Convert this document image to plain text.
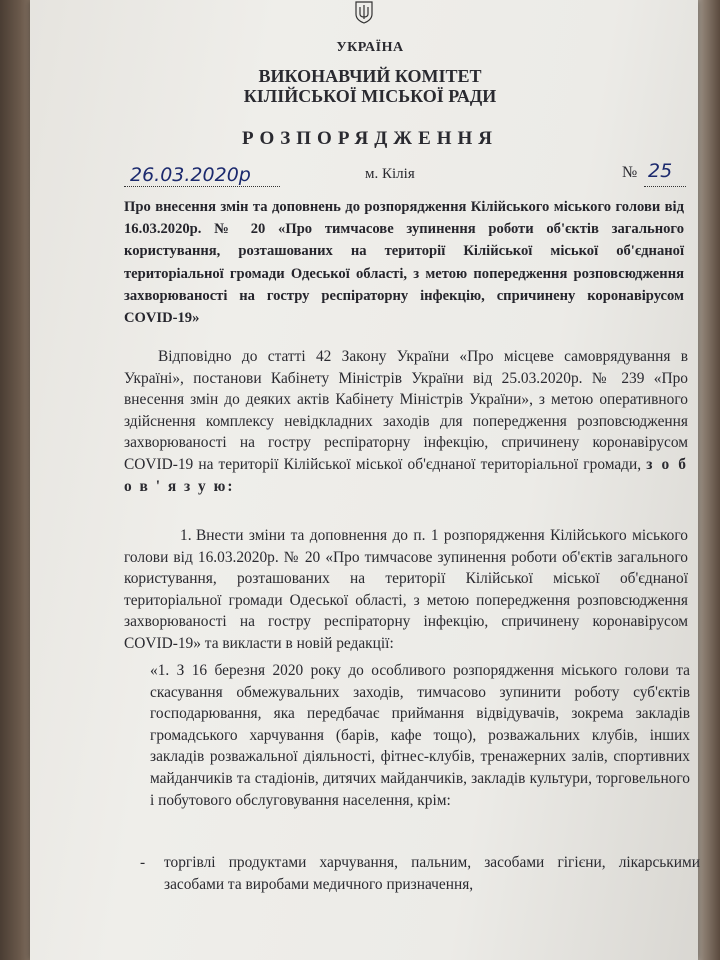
УКРАЇНА
ВИКОНАВЧИЙ КОМІТЕТ
КІЛІЙСЬКОЇ МІСЬКОЇ РАДИ
РОЗПОРЯДЖЕННЯ
26.03.2020р	м. Кілія	№ 25
Про внесення змін та доповнень до розпорядження Кілійського міського голови від 16.03.2020р. № 20 «Про тимчасове зупинення роботи об'єктів загального користування, розташованих на території Кілійської міської об'єднаної територіальної громади Одеської області, з метою попередження розповсюдження захворюваності на гостру респіраторну інфекцію, спричинену коронавірусом COVID-19»
Відповідно до статті 42 Закону України «Про місцеве самоврядування в Україні», постанови Кабінету Міністрів України від 25.03.2020р. № 239 «Про внесення змін до деяких актів Кабінету Міністрів України», з метою оперативного здійснення комплексу невідкладних заходів для попередження розповсюдження захворюваності на гостру респіраторну інфекцію, спричинену коронавірусом COVID-19 на території Кілійської міської об'єднаної територіальної громади, з о б о в ' я з у ю:
1. Внести зміни та доповнення до п. 1 розпорядження Кілійського міського голови від 16.03.2020р. № 20 «Про тимчасове зупинення роботи об'єктів загального користування, розташованих на території Кілійської міської об'єднаної територіальної громади Одеської області, з метою попередження розповсюдження захворюваності на гостру респіраторну інфекцію, спричинену коронавірусом COVID-19» та викласти в новій редакції:
«1. З 16 березня 2020 року до особливого розпорядження міського голови та скасування обмежувальних заходів, тимчасово зупинити роботу суб'єктів господарювання, яка передбачає приймання відвідувачів, зокрема закладів громадського харчування (барів, кафе тощо), розважальних клубів, інших закладів розважальної діяльності, фітнес-клубів, тренажерних залів, спортивних майданчиків та стадіонів, дитячих майданчиків, закладів культури, торговельного і побутового обслуговування населення, крім:
-	торгівлі продуктами харчування, пальним, засобами гігієни, лікарськими засобами та виробами медичного призначення,
